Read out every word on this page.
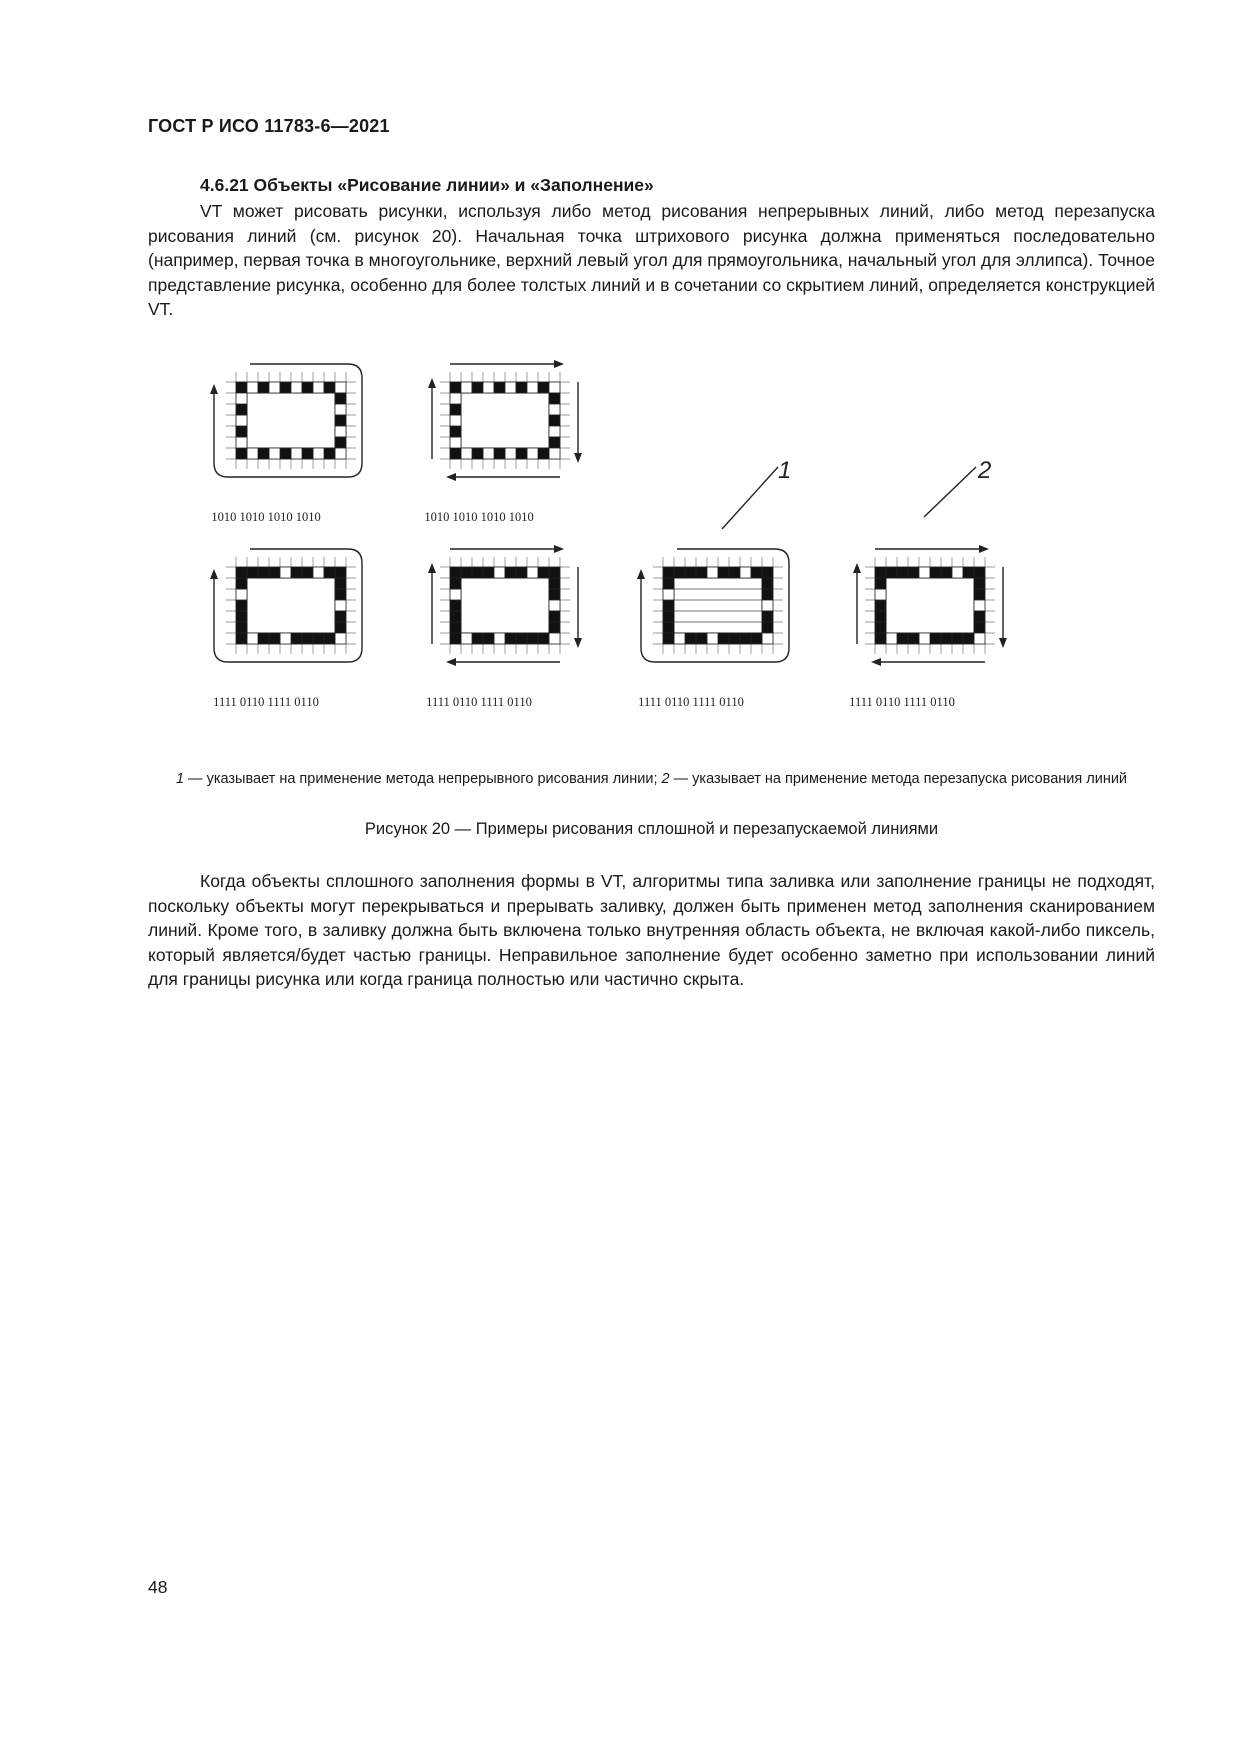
ГОСТ Р ИСО 11783-6—2021
4.6.21 Объекты «Рисование линии» и «Заполнение»

VT может рисовать рисунки, используя либо метод рисования непрерывных линий, либо метод перезапуска рисования линий (см. рисунок 20). Начальная точка штрихового рисунка должна применяться последовательно (например, первая точка в многоугольнике, верхний левый угол для прямоугольника, начальный угол для эллипса). Точное представление рисунка, особенно для более толстых линий и в сочетании со скрытием линий, определяется конструкцией VT.

1010 1010 1010 1010	1010 1010 1010 1010
1111 0110 1111 0110	1111 0110 1111 0110	1111 0110 1111 0110	1111 0110 1111 0110
1	2
1 — указывает на применение метода непрерывного рисования линии; 2 — указывает на применение метода перезапуска рисования линий
Рисунок 20 — Примеры рисования сплошной и перезапускаемой линиями

Когда объекты сплошного заполнения формы в VT, алгоритмы типа заливка или заполнение границы не подходят, поскольку объекты могут перекрываться и прерывать заливку, должен быть применен метод заполнения сканированием линий. Кроме того, в заливку должна быть включена только внутренняя область объекта, не включая какой-либо пиксель, который является/будет частью границы. Неправильное заполнение будет особенно заметно при использовании линий для границы рисунка или когда граница полностью или частично скрыта.

48
